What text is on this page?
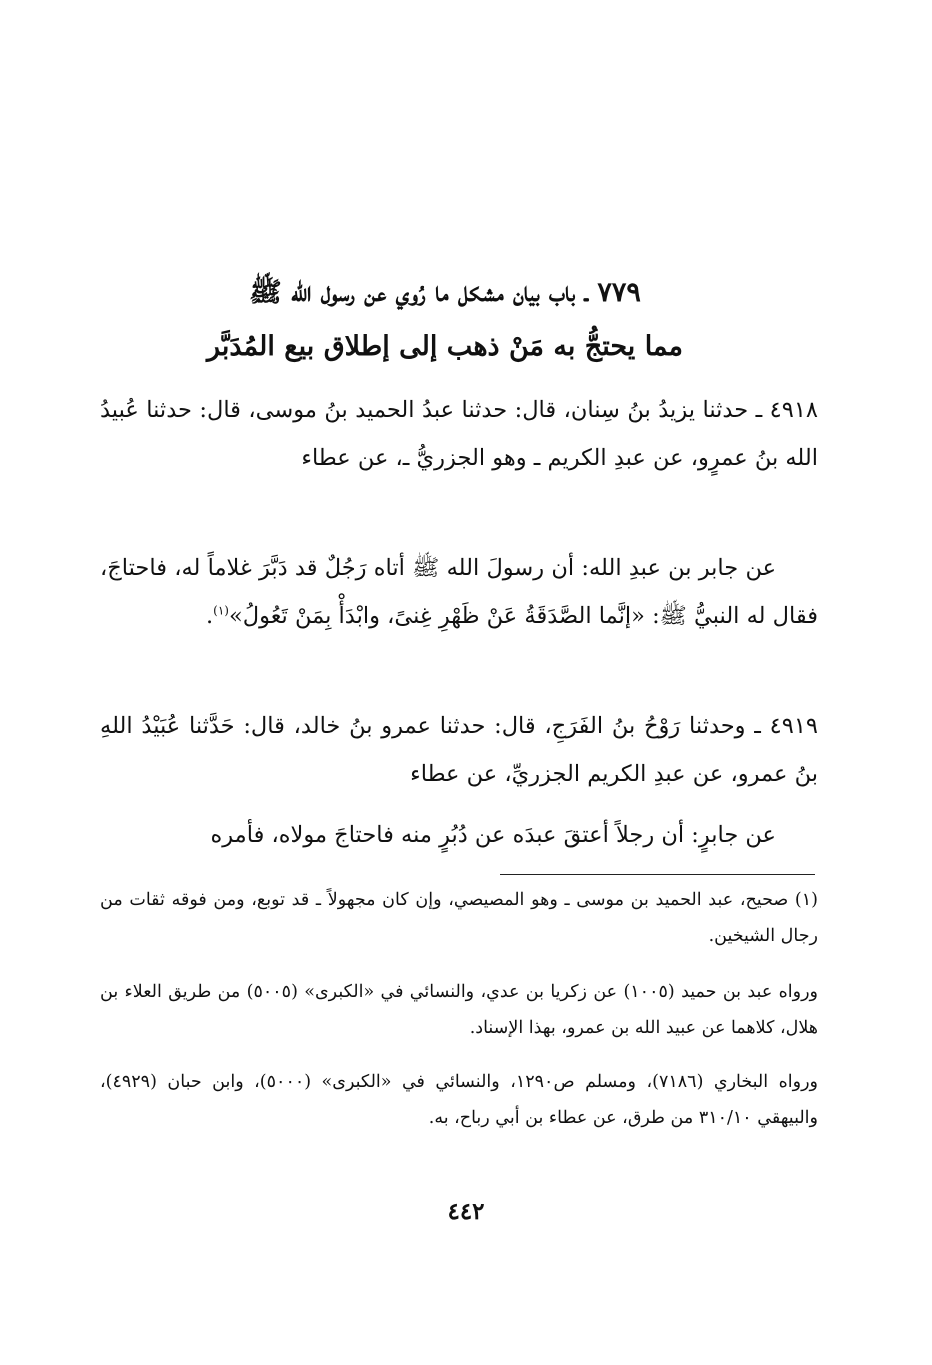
٧٧٩ ـ باب بيان مشكل ما رُوي عن رسول الله ﷺ
مما يحتجُّ به مَنْ ذهب إلى إطلاق بيع المُدَبَّر
٤٩١٨ ـ حدثنا يزيدُ بنُ سِنان، قال: حدثنا عبدُ الحميد بنُ موسى، قال: حدثنا عُبيدُ الله بنُ عمرٍو، عن عبدِ الكريم ـ وهو الجزريُّ ـ، عن عطاء
عن جابر بن عبدِ الله: أن رسولَ الله ﷺ أتاه رَجُلٌ قد دَبَّرَ غلاماً له، فاحتاجَ، فقال له النبيُّ ﷺ: «إنَّما الصَّدَقَةُ عَنْ ظَهْرِ غِنىً، وابْدَأْ بِمَنْ تَعُولُ»$^{(١)}$.
٤٩١٩ ـ وحدثنا رَوْحُ بنُ الفَرَجِ، قال: حدثنا عمرو بنُ خالد، قال: حَدَّثنا عُبَيْدُ اللهِ بنُ عمرو، عن عبدِ الكريم الجزريِّ، عن عطاء
عن جابرٍ: أن رجلاً أعتقَ عبدَه عن دُبُرٍ منه فاحتاجَ مولاه، فأمره
(١) صحيح، عبد الحميد بن موسى ـ وهو المصيصي، وإن كان مجهولاً ـ قد توبع، ومن فوقه ثقات من رجال الشيخين.
ورواه عبد بن حميد (١٠٠٥) عن زكريا بن عدي، والنسائي في «الكبرى» (٥٠٠٥) من طريق العلاء بن هلال، كلاهما عن عبيد الله بن عمرو، بهذا الإسناد.
ورواه البخاري (٧١٨٦)، ومسلم ص١٢٩٠، والنسائي في «الكبرى» (٥٠٠٠)، وابن حبان (٤٩٢٩)، والبيهقي ٣١٠/١٠ من طرق، عن عطاء بن أبي رباح، به.
٤٤٢
